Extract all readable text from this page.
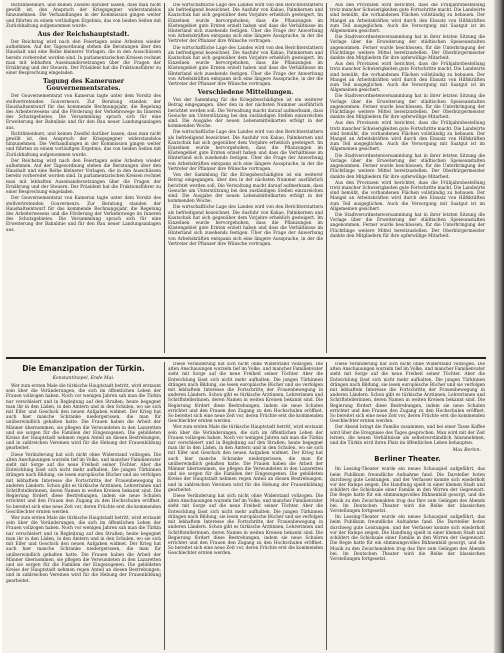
Richtlinienkurs, und keinen Zweifel darüber lassen, dass man nicht gewillt ist, den Anspruch der Kriegsgegner widerstandslos hinzunehmen. Die Verhandlungen in der Kommission gingen weiter und führten zu einem vorläufigen Ergebnis, das von beiden Seiten mit Zurückhaltung aufgenommen wurde.

Aus der Reichshauptstadt.

Der Reichstag wird nach den Feiertagen seine Arbeiten wieder aufnehmen. Auf der Tagesordnung stehen die Beratungen über den Haushalt und eine Reihe kleinerer Vorlagen, die in den Ausschüssen bereits vorbereitet worden sind. In parlamentarischen Kreisen rechnet man mit lebhaften Auseinandersetzungen über die Fragen der Ernährung und der Steuern. Der Präsident hat die Fraktionsführer zu einer Besprechung eingeladen.

Tagung des Kameruner Gouvernementsrates.

Der Gouvernementsrat von Kamerun tagte unter dem Vorsitz des stellvertretenden Gouverneurs. Zur Beratung standen der Haushaltsentwurf für das kommende Rechnungsjahr, die Regelung des Arbeiterwesens und die Förderung der Verkehrswege im Inneren des Schutzgebietes. Die Versammlung sprach sich für eine Erweiterung der Bahnlinie und für den Bau neuer Landungsanlagen aus.

Richtlinienkurs, und keinen Zweifel darüber lassen, dass man nicht gewillt ist, den Anspruch der Kriegsgegner widerstandslos hinzunehmen. Die Verhandlungen in der Kommission gingen weiter und führten zu einem vorläufigen Ergebnis, das von beiden Seiten mit Zurückhaltung aufgenommen wurde.

Der Reichstag wird nach den Feiertagen seine Arbeiten wieder aufnehmen. Auf der Tagesordnung stehen die Beratungen über den Haushalt und eine Reihe kleinerer Vorlagen, die in den Ausschüssen bereits vorbereitet worden sind. In parlamentarischen Kreisen rechnet man mit lebhaften Auseinandersetzungen über die Fragen der Ernährung und der Steuern. Der Präsident hat die Fraktionsführer zu einer Besprechung eingeladen.

Der Gouvernementsrat von Kamerun tagte unter dem Vorsitz des stellvertretenden Gouverneurs. Zur Beratung standen der Haushaltsentwurf für das kommende Rechnungsjahr, die Regelung des Arbeiterwesens und die Förderung der Verkehrswege im Inneren des Schutzgebietes. Die Versammlung sprach sich für eine Erweiterung der Bahnlinie und für den Bau neuer Landungsanlagen aus.

Die wirtschaftliche Lage des Landes wird von den Berichterstattern als befriedigend bezeichnet. Die Ausfuhr von Kakao, Palmkernen und Kautschuk hat sich gegenüber dem Vorjahre erheblich gesteigert. Im Einzelnen wurde hervorgehoben, dass die Pflanzungen im Küstengebiet gute Ernten erzielt haben und dass die Verhältnisse im Hinterland sich zusehends festigen. Über die Frage der Anwerbung von Arbeitskräften entspann sich eine längere Aussprache, in der die Vertreter der Pflanzer ihre Wünsche vortrugen.

Die wirtschaftliche Lage des Landes wird von den Berichterstattern als befriedigend bezeichnet. Die Ausfuhr von Kakao, Palmkernen und Kautschuk hat sich gegenüber dem Vorjahre erheblich gesteigert. Im Einzelnen wurde hervorgehoben, dass die Pflanzungen im Küstengebiet gute Ernten erzielt haben und dass die Verhältnisse im Hinterland sich zusehends festigen. Über die Frage der Anwerbung von Arbeitskräften entspann sich eine längere Aussprache, in der die Vertreter der Pflanzer ihre Wünsche vortrugen.

Verschiedene Mitteilungen.

Von der Sammlung für die Kriegsbeschädigten ist ein weiterer Betrag eingegangen, über den in der nächsten Nummer ausführlich berichtet werden soll. Die Verwaltung macht darauf aufmerksam, dass Gesuche um Unterstützung bei den zuständigen Stellen einzureichen sind. Die Ausgabe der neuen Lebensmittelkarten erfolgt in der kommenden Woche.

Die wirtschaftliche Lage des Landes wird von den Berichterstattern als befriedigend bezeichnet. Die Ausfuhr von Kakao, Palmkernen und Kautschuk hat sich gegenüber dem Vorjahre erheblich gesteigert. Im Einzelnen wurde hervorgehoben, dass die Pflanzungen im Küstengebiet gute Ernten erzielt haben und dass die Verhältnisse im Hinterland sich zusehends festigen. Über die Frage der Anwerbung von Arbeitskräften entspann sich eine längere Aussprache, in der die Vertreter der Pflanzer ihre Wünsche vortrugen.

Von der Sammlung für die Kriegsbeschädigten ist ein weiterer Betrag eingegangen, über den in der nächsten Nummer ausführlich berichtet werden soll. Die Verwaltung macht darauf aufmerksam, dass Gesuche um Unterstützung bei den zuständigen Stellen einzureichen sind. Die Ausgabe der neuen Lebensmittelkarten erfolgt in der kommenden Woche.

Die wirtschaftliche Lage des Landes wird von den Berichterstattern als befriedigend bezeichnet. Die Ausfuhr von Kakao, Palmkernen und Kautschuk hat sich gegenüber dem Vorjahre erheblich gesteigert. Im Einzelnen wurde hervorgehoben, dass die Pflanzungen im Küstengebiet gute Ernten erzielt haben und dass die Verhältnisse im Hinterland sich zusehends festigen. Über die Frage der Anwerbung von Arbeitskräften entspann sich eine längere Aussprache, in der die Vertreter der Pflanzer ihre Wünsche vortrugen.

Aus den Provinzen wird berichtet, dass die Frühjahrsbestellung trotz mancher Schwierigkeiten gute Fortschritte macht. Die Landwirte sind bemüht, die vorhandenen Flächen vollständig zu bebauen. Der Mangel an Arbeitskräften wird durch den Einsatz von Hilfskräften zum Teil ausgeglichen. Auch die Versorgung mit Saatgut ist im Allgemeinen gesichert.

Die Stadtverordnetenversammlung hat in ihrer letzten Sitzung die Vorlage über die Erweiterung der städtischen Speiseanstalten angenommen. Ferner wurde beschlossen, für die Unterbringung der Flüchtlinge weitere Mittel bereitzustellen. Der Oberbürgermeister dankte den Mitgliedern für ihre opferwillige Mitarbeit.

Aus den Provinzen wird berichtet, dass die Frühjahrsbestellung trotz mancher Schwierigkeiten gute Fortschritte macht. Die Landwirte sind bemüht, die vorhandenen Flächen vollständig zu bebauen. Der Mangel an Arbeitskräften wird durch den Einsatz von Hilfskräften zum Teil ausgeglichen. Auch die Versorgung mit Saatgut ist im Allgemeinen gesichert.

Die Stadtverordnetenversammlung hat in ihrer letzten Sitzung die Vorlage über die Erweiterung der städtischen Speiseanstalten angenommen. Ferner wurde beschlossen, für die Unterbringung der Flüchtlinge weitere Mittel bereitzustellen. Der Oberbürgermeister dankte den Mitgliedern für ihre opferwillige Mitarbeit.

Aus den Provinzen wird berichtet, dass die Frühjahrsbestellung trotz mancher Schwierigkeiten gute Fortschritte macht. Die Landwirte sind bemüht, die vorhandenen Flächen vollständig zu bebauen. Der Mangel an Arbeitskräften wird durch den Einsatz von Hilfskräften zum Teil ausgeglichen. Auch die Versorgung mit Saatgut ist im Allgemeinen gesichert.

Die Stadtverordnetenversammlung hat in ihrer letzten Sitzung die Vorlage über die Erweiterung der städtischen Speiseanstalten angenommen. Ferner wurde beschlossen, für die Unterbringung der Flüchtlinge weitere Mittel bereitzustellen. Der Oberbürgermeister dankte den Mitgliedern für ihre opferwillige Mitarbeit.

Aus den Provinzen wird berichtet, dass die Frühjahrsbestellung trotz mancher Schwierigkeiten gute Fortschritte macht. Die Landwirte sind bemüht, die vorhandenen Flächen vollständig zu bebauen. Der Mangel an Arbeitskräften wird durch den Einsatz von Hilfskräften zum Teil ausgeglichen. Auch die Versorgung mit Saatgut ist im Allgemeinen gesichert.

Die Stadtverordnetenversammlung hat in ihrer letzten Sitzung die Vorlage über die Erweiterung der städtischen Speiseanstalten angenommen. Ferner wurde beschlossen, für die Unterbringung der Flüchtlinge weitere Mittel bereitzustellen. Der Oberbürgermeister dankte den Mitgliedern für ihre opferwillige Mitarbeit.

Die Emanzipation der Türkin.
Konstantinopel, Ende Mai.

Wer zum ersten Male die türkische Hauptstadt betritt, wird erstaunt sein über die Veränderungen, die sich im öffentlichen Leben der Frauen vollzogen haben. Noch vor wenigen Jahren sah man die Türkin nur verschleiert und in Begleitung auf den Straßen; heute begegnet man ihr in den Läden, in den Ämtern und in den Schulen, wo sie sich mit Eifer und Geschick den neuen Aufgaben widmet. Der Krieg hat auch hier manche Schranke niedergerissen, die man für unüberwindlich gehalten hatte. Die Frauen haben die Arbeit der Männer übernommen, sie pflegen die Verwundeten in den Lazaretten und sie sorgen für die Familien der Eingezogenen. Die gebildeten Kreise der Hauptstadt nehmen regen Anteil an diesen Bestrebungen, und in zahlreichen Vereinen wird für die Hebung der Frauenbildung gearbeitet.

Diese Veränderung hat sich nicht ohne Widerstand vollzogen. Die alten Anschauungen wurzeln tief im Volke, und mancher Familienvater sieht mit Sorge auf die neue Freiheit seiner Töchter. Aber die Entwicklung lässt sich nicht mehr aufhalten. Die jungen Türkinnen drängen nach Bildung, sie lesen europäische Bücher und sie verfolgen mit lebhaftem Interesse die Fortschritte der Frauenbewegung in anderen Ländern. Schon gibt es türkische Ärztinnen, Lehrerinnen und Schriftstellerinnen, deren Namen in weiten Kreisen bekannt sind. Die Regierung fördert diese Bestrebungen, indem sie neue Schulen errichtet und den Frauen den Zugang zu den Hochschulen eröffnet. So bereitet sich eine neue Zeit vor, deren Früchte erst die kommenden Geschlechter ernten werden.

Wer zum ersten Male die türkische Hauptstadt betritt, wird erstaunt sein über die Veränderungen, die sich im öffentlichen Leben der Frauen vollzogen haben. Noch vor wenigen Jahren sah man die Türkin nur verschleiert und in Begleitung auf den Straßen; heute begegnet man ihr in den Läden, in den Ämtern und in den Schulen, wo sie sich mit Eifer und Geschick den neuen Aufgaben widmet. Der Krieg hat auch hier manche Schranke niedergerissen, die man für unüberwindlich gehalten hatte. Die Frauen haben die Arbeit der Männer übernommen, sie pflegen die Verwundeten in den Lazaretten und sie sorgen für die Familien der Eingezogenen. Die gebildeten Kreise der Hauptstadt nehmen regen Anteil an diesen Bestrebungen, und in zahlreichen Vereinen wird für die Hebung der Frauenbildung gearbeitet.

Diese Veränderung hat sich nicht ohne Widerstand vollzogen. Die alten Anschauungen wurzeln tief im Volke, und mancher Familienvater sieht mit Sorge auf die neue Freiheit seiner Töchter. Aber die Entwicklung lässt sich nicht mehr aufhalten. Die jungen Türkinnen drängen nach Bildung, sie lesen europäische Bücher und sie verfolgen mit lebhaftem Interesse die Fortschritte der Frauenbewegung in anderen Ländern. Schon gibt es türkische Ärztinnen, Lehrerinnen und Schriftstellerinnen, deren Namen in weiten Kreisen bekannt sind. Die Regierung fördert diese Bestrebungen, indem sie neue Schulen errichtet und den Frauen den Zugang zu den Hochschulen eröffnet. So bereitet sich eine neue Zeit vor, deren Früchte erst die kommenden Geschlechter ernten werden.

Wer zum ersten Male die türkische Hauptstadt betritt, wird erstaunt sein über die Veränderungen, die sich im öffentlichen Leben der Frauen vollzogen haben. Noch vor wenigen Jahren sah man die Türkin nur verschleiert und in Begleitung auf den Straßen; heute begegnet man ihr in den Läden, in den Ämtern und in den Schulen, wo sie sich mit Eifer und Geschick den neuen Aufgaben widmet. Der Krieg hat auch hier manche Schranke niedergerissen, die man für unüberwindlich gehalten hatte. Die Frauen haben die Arbeit der Männer übernommen, sie pflegen die Verwundeten in den Lazaretten und sie sorgen für die Familien der Eingezogenen. Die gebildeten Kreise der Hauptstadt nehmen regen Anteil an diesen Bestrebungen, und in zahlreichen Vereinen wird für die Hebung der Frauenbildung gearbeitet.

Diese Veränderung hat sich nicht ohne Widerstand vollzogen. Die alten Anschauungen wurzeln tief im Volke, und mancher Familienvater sieht mit Sorge auf die neue Freiheit seiner Töchter. Aber die Entwicklung lässt sich nicht mehr aufhalten. Die jungen Türkinnen drängen nach Bildung, sie lesen europäische Bücher und sie verfolgen mit lebhaftem Interesse die Fortschritte der Frauenbewegung in anderen Ländern. Schon gibt es türkische Ärztinnen, Lehrerinnen und Schriftstellerinnen, deren Namen in weiten Kreisen bekannt sind. Die Regierung fördert diese Bestrebungen, indem sie neue Schulen errichtet und den Frauen den Zugang zu den Hochschulen eröffnet. So bereitet sich eine neue Zeit vor, deren Früchte erst die kommenden Geschlechter ernten werden.

Diese Veränderung hat sich nicht ohne Widerstand vollzogen. Die alten Anschauungen wurzeln tief im Volke, und mancher Familienvater sieht mit Sorge auf die neue Freiheit seiner Töchter. Aber die Entwicklung lässt sich nicht mehr aufhalten. Die jungen Türkinnen drängen nach Bildung, sie lesen europäische Bücher und sie verfolgen mit lebhaftem Interesse die Fortschritte der Frauenbewegung in anderen Ländern. Schon gibt es türkische Ärztinnen, Lehrerinnen und Schriftstellerinnen, deren Namen in weiten Kreisen bekannt sind. Die Regierung fördert diese Bestrebungen, indem sie neue Schulen errichtet und den Frauen den Zugang zu den Hochschulen eröffnet. So bereitet sich eine neue Zeit vor, deren Früchte erst die kommenden Geschlechter ernten werden.

Der Abend bringt die Familie zusammen, und bei einer Tasse Kaffee wird über die Ereignisse des Tages gesprochen. Man wird mit der Zeit lernen, die neuen Verhältnisse als selbstverständlich hinzunehmen, und die Türkin wird ihren Platz im öffentlichen Leben behaupten.

Max Berlen.
Berliner Theater.

Im Lessing-Theater wurde ein neues Schauspiel aufgeführt, das beim Publikum freundliche Aufnahme fand. Die Darsteller boten durchweg gute Leistungen, und der Verfasser konnte sich wiederholt vor der Rampe zeigen. Die Handlung spielt in einer kleinen Stadt und schildert die Schicksale einer Familie in den Wirren der Gegenwart. Die Regie hatte für ein stimmungsvolles Bühnenbild gesorgt, und die Musik zu den Zwischenakten trug das Ihre zum Gelingen des Abends bei. Im Deutschen Theater wird die Reihe der klassischen Vorstellungen fortgesetzt.

Im Lessing-Theater wurde ein neues Schauspiel aufgeführt, das beim Publikum freundliche Aufnahme fand. Die Darsteller boten durchweg gute Leistungen, und der Verfasser konnte sich wiederholt vor der Rampe zeigen. Die Handlung spielt in einer kleinen Stadt und schildert die Schicksale einer Familie in den Wirren der Gegenwart. Die Regie hatte für ein stimmungsvolles Bühnenbild gesorgt, und die Musik zu den Zwischenakten trug das Ihre zum Gelingen des Abends bei. Im Deutschen Theater wird die Reihe der klassischen Vorstellungen fortgesetzt.
